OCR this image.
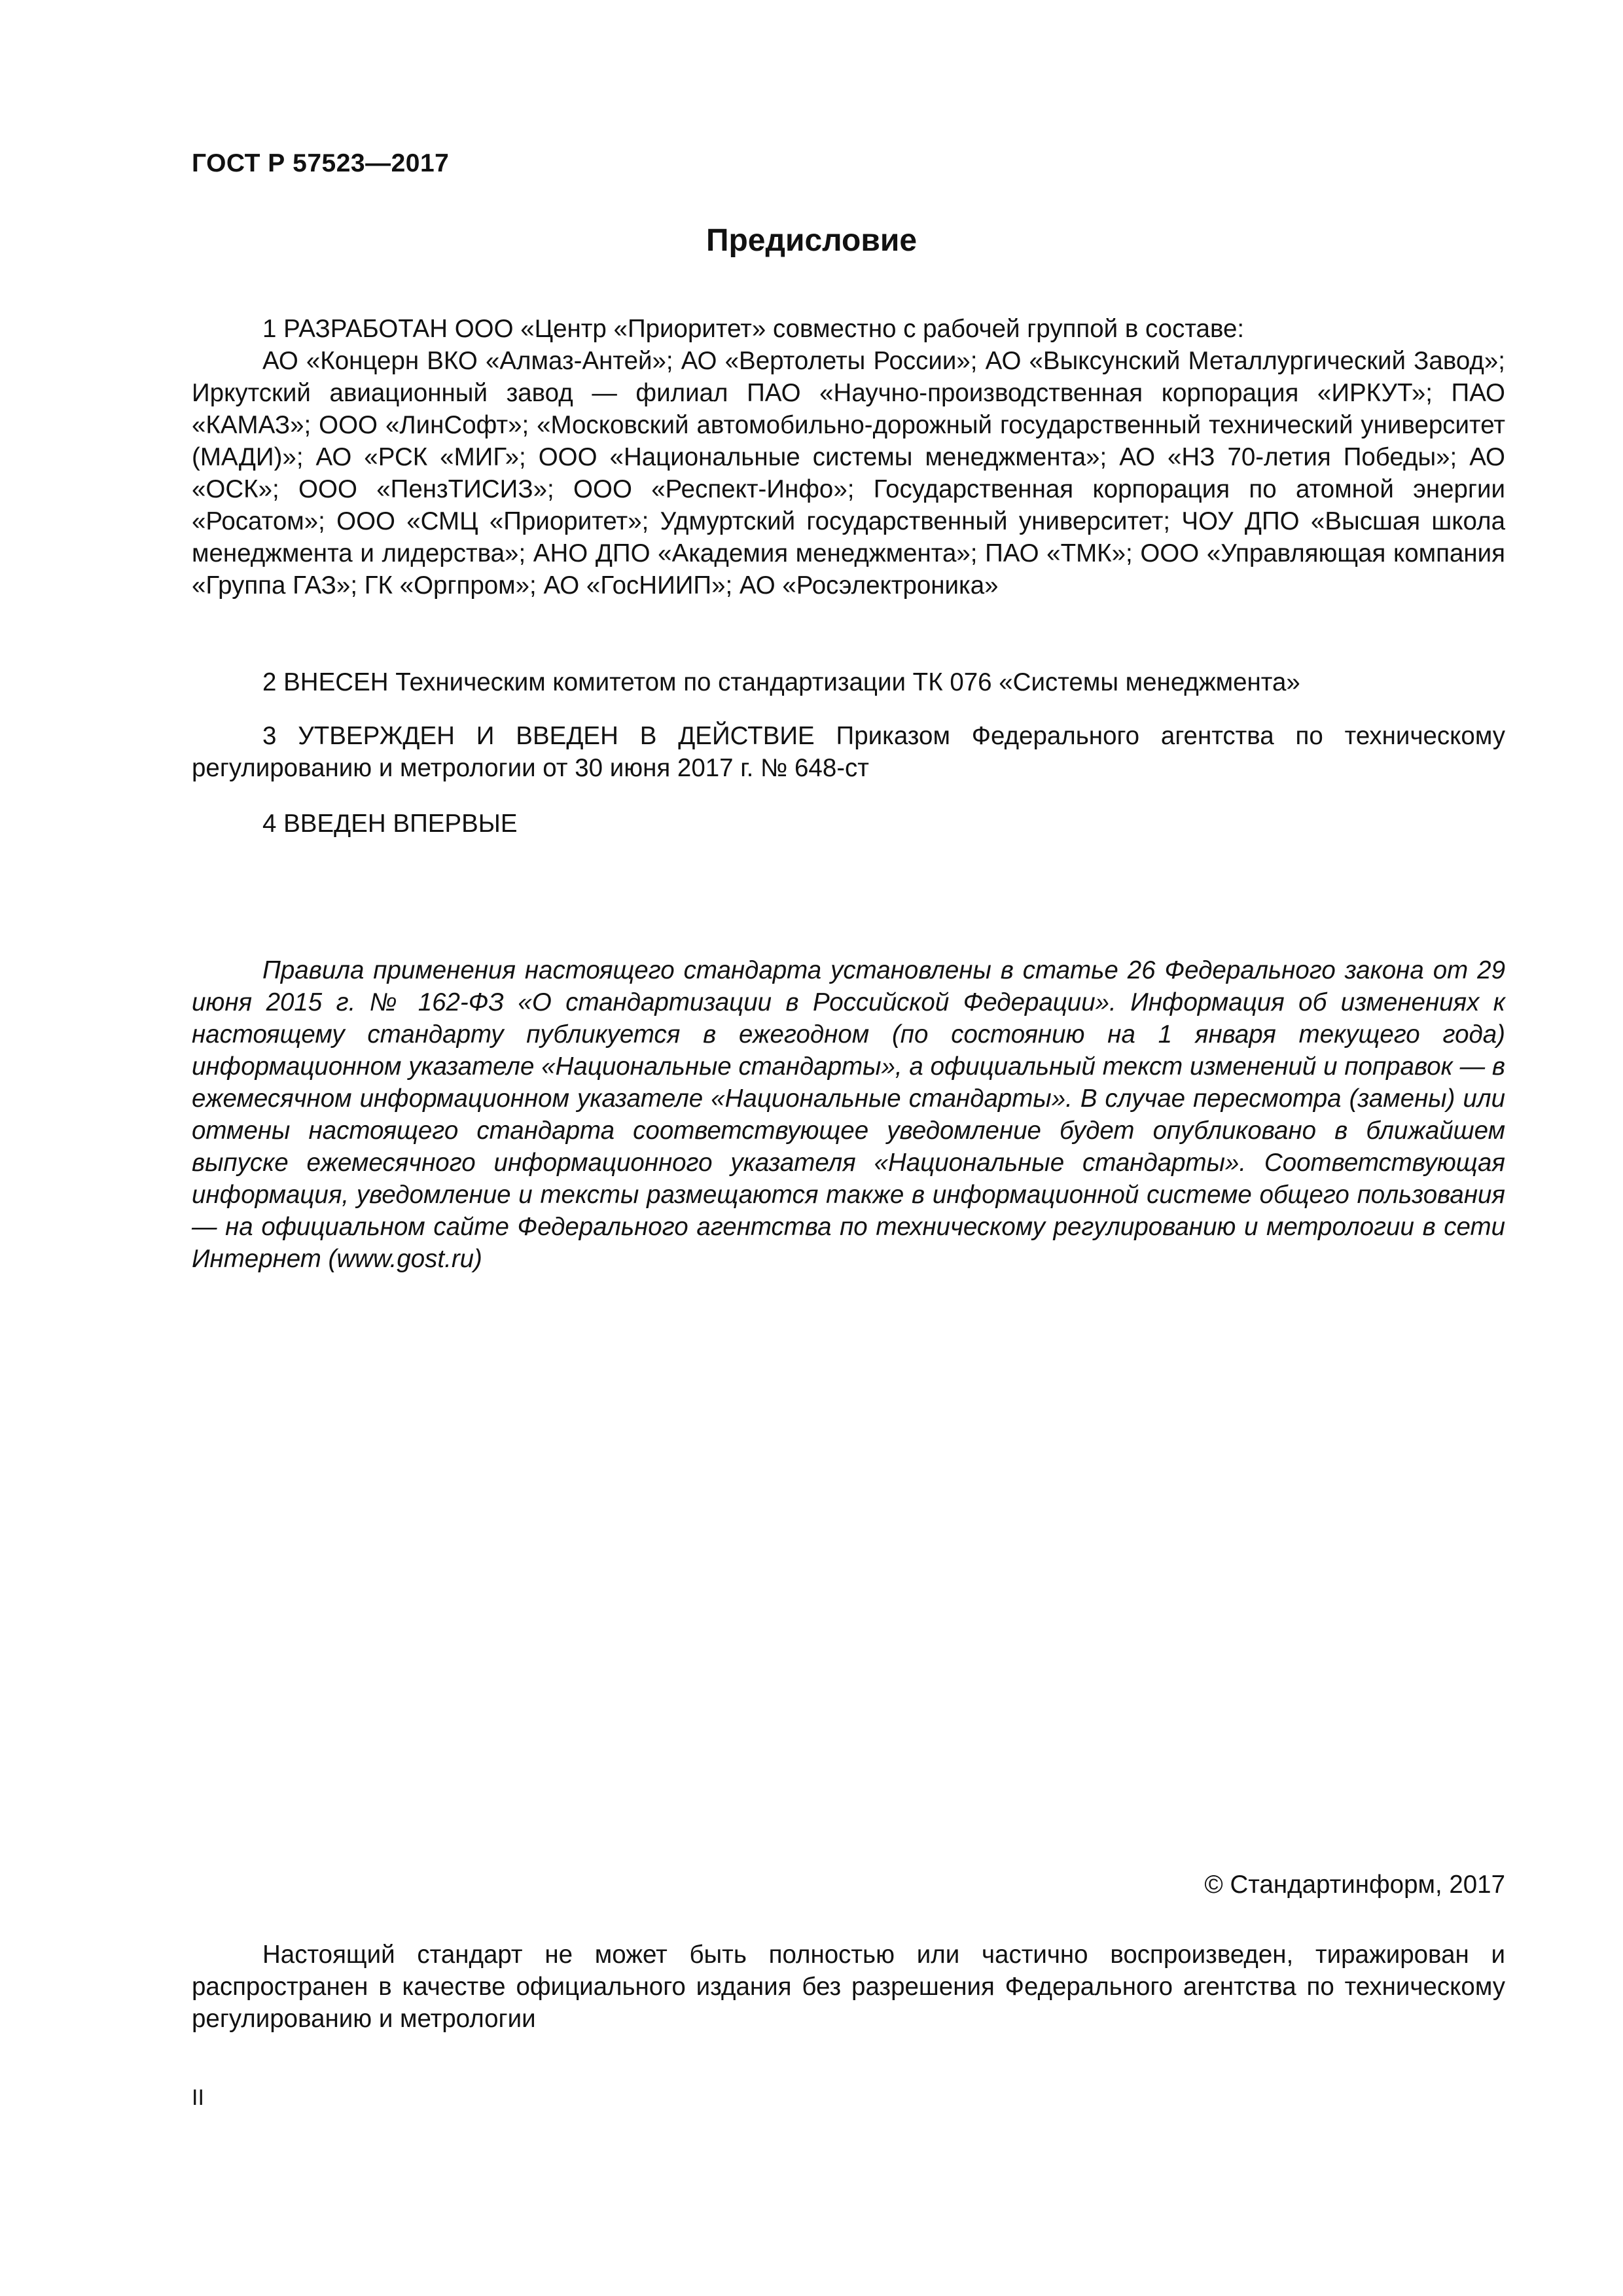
ГОСТ Р 57523—2017
Предисловие

1 РАЗРАБОТАН ООО «Центр «Приоритет» совместно с рабочей группой в составе:

АО «Концерн ВКО «Алмаз-Антей»; АО «Вертолеты России»; АО «Выксунский Металлургический Завод»; Иркутский авиационный завод — филиал ПАО «Научно-производственная корпорация «ИРКУТ»; ПАО «КАМАЗ»; ООО «ЛинСофт»; «Московский автомобильно-дорожный государственный технический университет (МАДИ)»; АО «РСК «МИГ»; ООО «Национальные системы менеджмента»; АО «НЗ 70-летия Победы»; АО «ОСК»; ООО «ПензТИСИЗ»; ООО «Респект-Инфо»; Государственная корпорация по атомной энергии «Росатом»; ООО «СМЦ «Приоритет»; Удмуртский государственный университет; ЧОУ ДПО «Высшая школа менеджмента и лидерства»; АНО ДПО «Академия менеджмента»; ПАО «ТМК»; ООО «Управляющая компания «Группа ГАЗ»; ГК «Оргпром»; АО «ГосНИИП»; АО «Росэлектроника»

2 ВНЕСЕН Техническим комитетом по стандартизации ТК 076 «Системы менеджмента»

3 УТВЕРЖДЕН И ВВЕДЕН В ДЕЙСТВИЕ Приказом Федерального агентства по техническому регулированию и метрологии от 30 июня 2017 г. № 648-ст

4 ВВЕДЕН ВПЕРВЫЕ

Правила применения настоящего стандарта установлены в статье 26 Федерального закона от 29 июня 2015 г. № 162-ФЗ «О стандартизации в Российской Федерации». Информация об изменениях к настоящему стандарту публикуется в ежегодном (по состоянию на 1 января текущего года) информационном указателе «Национальные стандарты», а официальный текст изменений и поправок — в ежемесячном информационном указателе «Национальные стандарты». В случае пересмотра (замены) или отмены настоящего стандарта соответствующее уведомление будет опубликовано в ближайшем выпуске ежемесячного информационного указателя «Национальные стандарты». Соответствующая информация, уведомление и тексты размещаются также в информационной системе общего пользования — на официальном сайте Федерального агентства по техническому регулированию и метрологии в сети Интернет (www.gost.ru)

© Стандартинформ, 2017

Настоящий стандарт не может быть полностью или частично воспроизведен, тиражирован и распространен в качестве официального издания без разрешения Федерального агентства по техническому регулированию и метрологии

II
